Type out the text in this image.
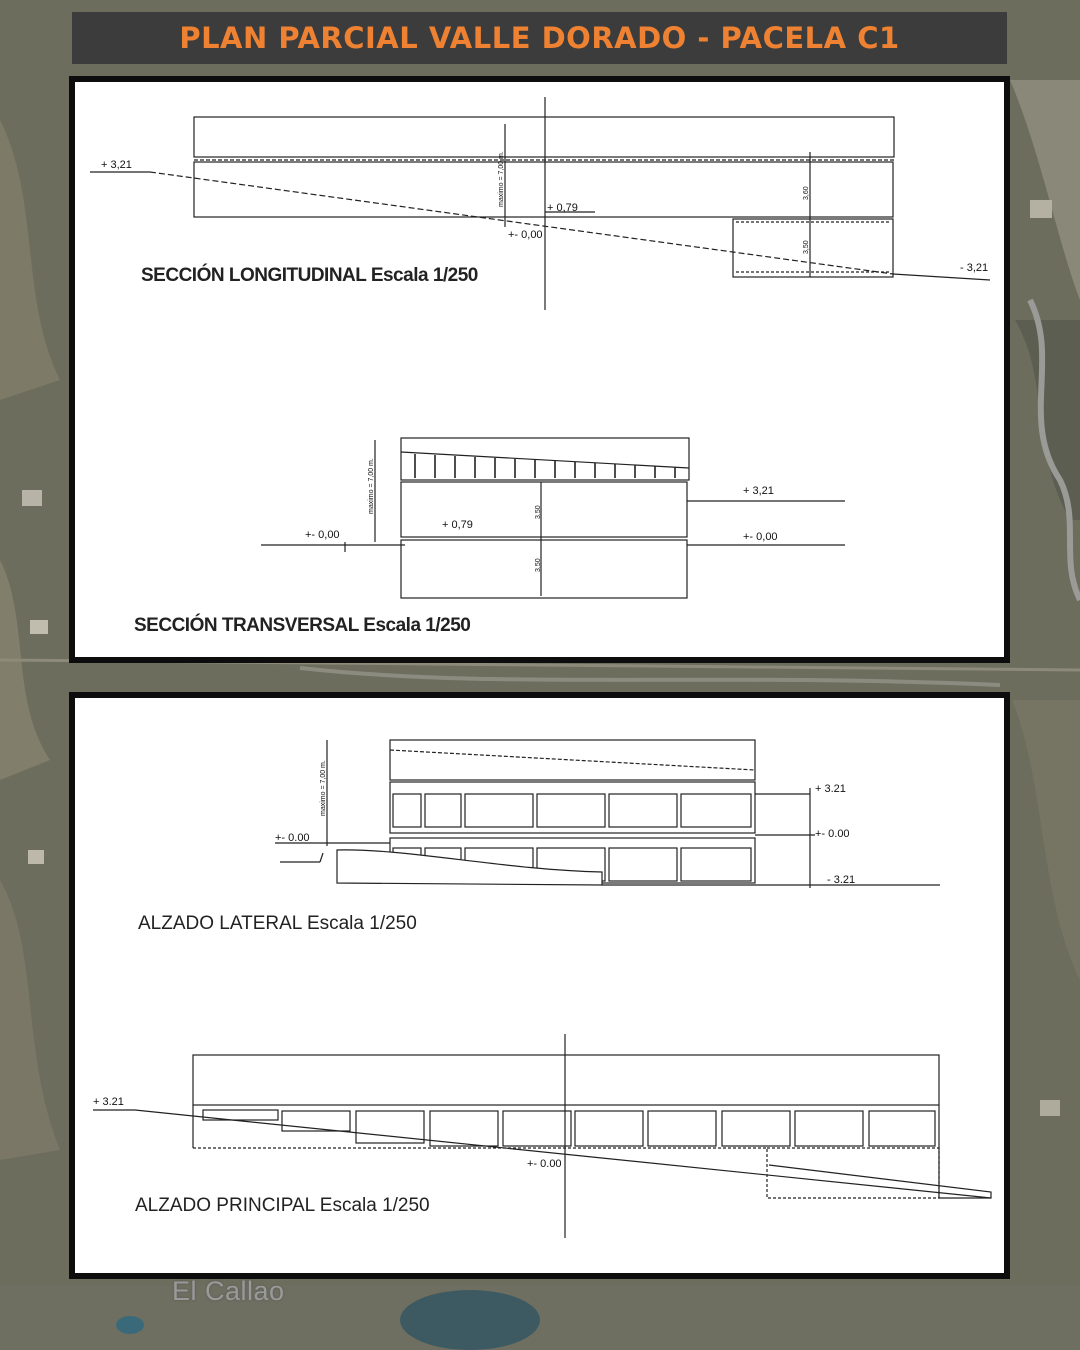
PLAN PARCIAL VALLE DORADO - PACELA C1
+ 3,21
+ 0,79
+- 0,00
- 3,21
maximo = 7,00 m.	3,60
3,50
SECCIÓN LONGITUDINAL Escala 1/250
+- 0,00
+ 0,79
+ 3,21
+- 0,00
maximo = 7,00 m.	3,50
3,50
SECCIÓN TRANSVERSAL Escala 1/250
+- 0.00
+ 3.21
+- 0.00
- 3.21
maximo = 7,00 m.
ALZADO LATERAL Escala 1/250
+ 3.21
+- 0.00
ALZADO PRINCIPAL Escala 1/250
El Callao
